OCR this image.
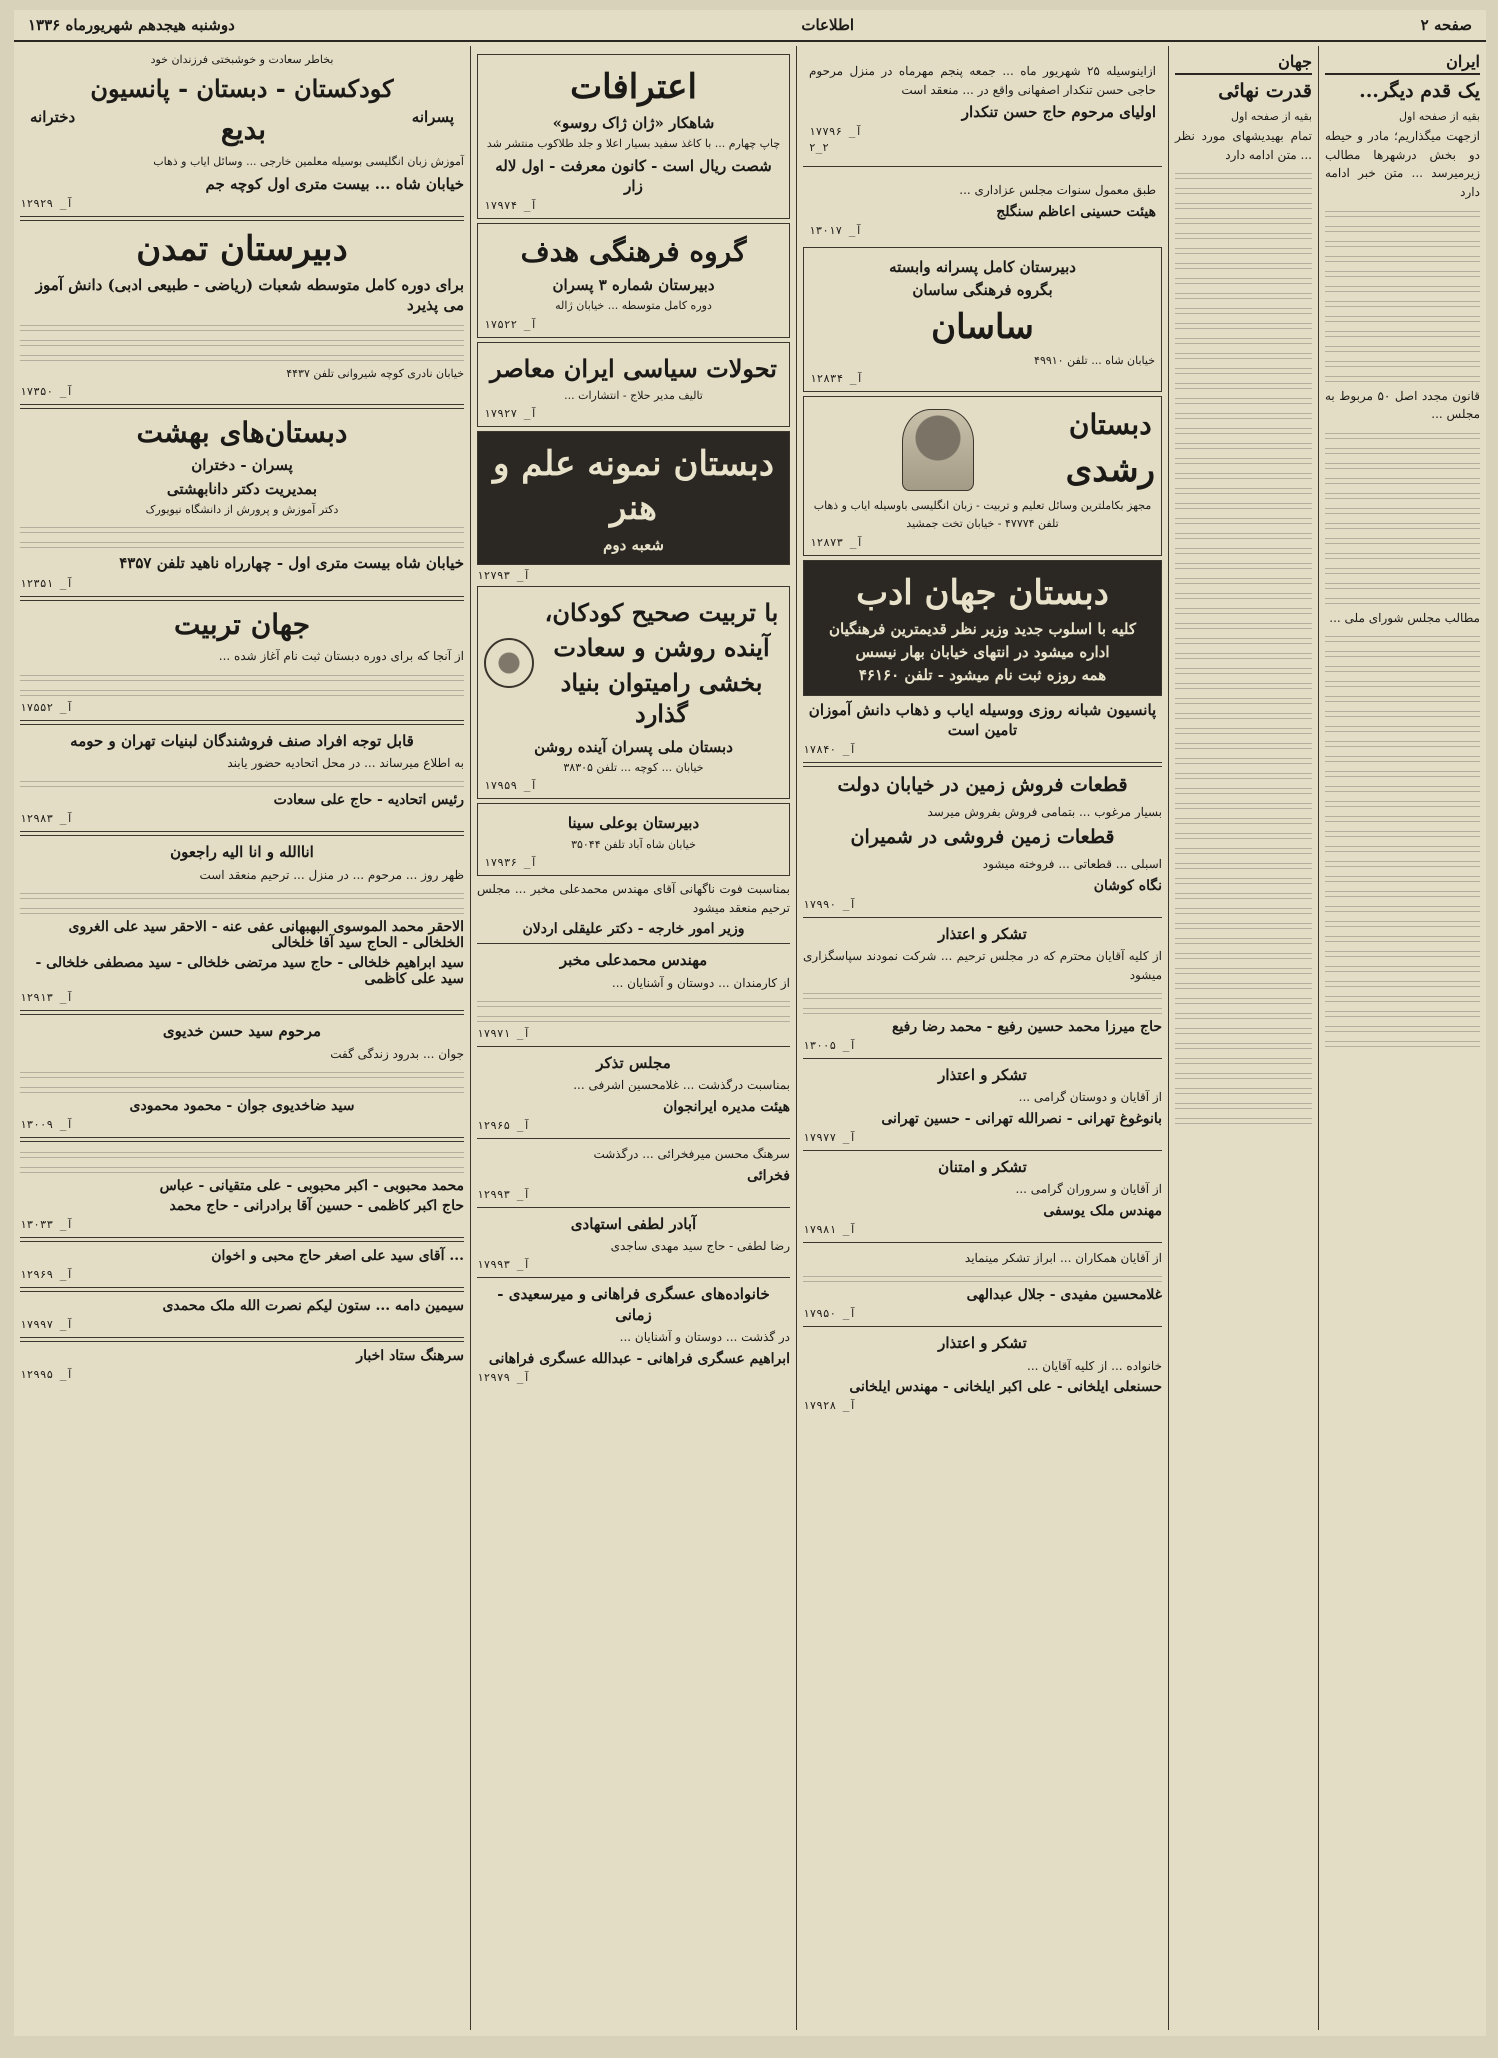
صفحه ۲
اطلاعات
دوشنبه هیجدهم شهریورماه ۱۳۳۶
ایران
یک قدم دیگر...
بقیه از صفحه اول
ازجهت میگذاریم؛ مادر و حیطه دو بخش درشهرها مطالب زیرمیرسد ... متن خبر ادامه دارد
قانون مجدد اصل ۵۰ مربوط به مجلس ...
مطالب مجلس شورای ملی ...
جهان
قدرت نهائی
بقیه از صفحه اول
تمام بهیدیشهای مورد نظر ... متن ادامه دارد
ازاینوسیله ۲۵ شهریور ماه ... جمعه پنجم مهرماه در منزل مرحوم حاجی حسن تنکدار اصفهانی واقع در ... منعقد است
اولیای مرحوم حاج حسن تنکدار
آ_ ۱۷۷۹۶
۲_۲
طبق معمول سنوات مجلس عزاداری ...
هیئت حسینی اعاظم سنگلج
آ_ ۱۳۰۱۷
دبیرستان کامل پسرانه وابسته
بگروه فرهنگی ساسان
ساسان
خیابان شاه ... تلفن ۴۹۹۱۰
آ_ ۱۲۸۳۴
دبستان
رشدی
مجهز بکاملترین وسائل تعلیم و تربیت - زبان انگلیسی باوسیله ایاب و ذهاب
تلفن ۴۷۷۷۴ - خیابان تخت جمشید
آ_ ۱۲۸۷۳
دبستان جهان ادب
کلیه با اسلوب جدید وزیر نظر قدیمترین فرهنگیان
اداره میشود در انتهای خیابان بهار نیسس
همه روزه ثبت نام میشود - تلفن ۴۶۱۶۰
پانسیون شبانه روزی ووسیله ایاب و ذهاب دانش آموزان تامین است
آ_ ۱۷۸۴۰
قطعات فروش زمین در خیابان دولت
بسیار مرغوب ... بتمامی فروش بفروش میرسد
قطعات زمین فروشی در شمیران
اسبلی ... قطعاتی ... فروخته میشود
نگاه کوشان
آ_ ۱۷۹۹۰
تشکر و اعتذار
از کلیه آقایان محترم که در مجلس ترحیم ... شرکت نمودند سپاسگزاری میشود
حاج میرزا محمد حسین رفیع - محمد رضا رفیع
آ_ ۱۳۰۰۵
تشکر و اعتذار
از آقایان و دوستان گرامی ...
بانوغوغ تهرانی - نصرالله تهرانی - حسین تهرانی
آ_ ۱۷۹۷۷
تشکر و امتنان
از آقایان و سروران گرامی ...
مهندس ملک یوسفی
آ_ ۱۷۹۸۱
از آقایان همکاران ... ابراز تشکر مینماید
غلامحسین مفیدی - جلال عبدالهی
آ_ ۱۷۹۵۰
تشکر و اعتذار
خانواده ... از کلیه آقایان ...
حسنعلی ایلخانی - علی اکبر ایلخانی - مهندس ایلخانی
آ_ ۱۷۹۲۸
اعترافات
شاهکار «ژان ژاک روسو»
چاپ چهارم ... با کاغذ سفید بسیار اعلا و جلد طلاکوب منتشر شد
شصت ریال است - کانون معرفت - اول لاله زار
آ_ ۱۷۹۷۴
گروه فرهنگی هدف
دبیرستان شماره ۳ پسران
دوره کامل متوسطه ... خیابان ژاله
آ_ ۱۷۵۲۲
تحولات سیاسی ایران معاصر
تالیف مدیر حلاج - انتشارات ...
آ_ ۱۷۹۲۷
دبستان نمونه علم و هنر
شعبه دوم
آ_ ۱۲۷۹۳
با تربیت صحیح کودکان،
آینده روشن و سعادت
بخشی رامیتوان بنیاد گذارد
دبستان ملی پسران آینده روشن
خیابان ... کوچه ... تلفن ۳۸۳۰۵
آ_ ۱۷۹۵۹
دبیرستان بوعلی سینا
خیابان شاه آباد تلفن ۳۵۰۴۴
آ_ ۱۷۹۳۶
بمناسبت فوت ناگهانی آقای مهندس محمدعلی مخبر ... مجلس ترحیم منعقد میشود
وزیر امور خارجه - دکتر علیقلی اردلان
مهندس محمدعلی مخبر
از کارمندان ... دوستان و آشنایان ...
آ_ ۱۷۹۷۱
مجلس تذکر
بمناسبت درگذشت ... غلامحسین اشرفی ...
هیئت مدیره ایرانجوان
آ_ ۱۲۹۶۵
سرهنگ محسن میرفخرائی ... درگذشت
فخرائی
آ_ ۱۲۹۹۳
آبادر لطفی استهادی
رضا لطفی - حاج سید مهدی ساجدی
آ_ ۱۷۹۹۳
خانواده‌های عسگری فراهانی و میرسعیدی - زمانی
در گذشت ... دوستان و آشنایان ...
ابراهیم عسگری فراهانی - عبدالله عسگری فراهانی
آ_ ۱۲۹۷۹
بخاطر سعادت و خوشبختی فرزندان خود
کودکستان - دبستان - پانسیون
پسرانه
بدیع
دخترانه
آموزش زبان انگلیسی بوسیله معلمین خارجی ... وسائل ایاب و ذهاب
خیابان شاه ... بیست متری اول کوچه جم
آ_ ۱۲۹۲۹
دبیرستان تمدن
برای دوره کامل متوسطه شعبات (ریاضی - طبیعی ادبی) دانش آموز می پذیرد
خیابان نادری کوچه شیروانی تلفن ۴۴۳۷
آ_ ۱۷۳۵۰
دبستان‌های بهشت
پسران - دختران
بمدیریت دکتر دانابهشتی
دکتر آموزش و پرورش از دانشگاه نیویورک
خیابان شاه بیست متری اول - چهارراه ناهید تلفن ۴۳۵۷
آ_ ۱۲۳۵۱
جهان تربیت
از آنجا که برای دوره دبستان ثبت نام آغاز شده ...
آ_ ۱۷۵۵۲
قابل توجه افراد صنف فروشندگان لبنیات تهران و حومه
به اطلاع میرساند ... در محل اتحادیه حضور یابند
رئیس اتحادیه - حاج علی سعادت
آ_ ۱۲۹۸۳
اناالله و انا الیه راجعون
ظهر روز ... مرحوم ... در منزل ... ترحیم منعقد است
الاحقر محمد الموسوی البهبهانی عفی عنه - الاحقر سید علی الغروی الخلخالی - الحاج سید آقا خلخالی
سید ابراهیم خلخالی - حاج سید مرتضی خلخالی - سید مصطفی خلخالی - سید علی کاظمی
آ_ ۱۲۹۱۳
مرحوم سید حسن خدیوی
جوان ... بدرود زندگی گفت
سید ضاخدیوی جوان - محمود محمودی
آ_ ۱۳۰۰۹
محمد محبوبی - اکبر محبوبی - علی متقیانی - عباس
حاج اکبر کاظمی - حسین آقا برادرانی - حاج محمد
آ_ ۱۳۰۳۳
... آقای سید علی اصغر حاج محبی و اخوان
آ_ ۱۲۹۶۹
سیمین دامه ... ستون لیکم نصرت الله ملک محمدی
آ_ ۱۷۹۹۷
سرهنگ ستاد اخبار
آ_ ۱۲۹۹۵
